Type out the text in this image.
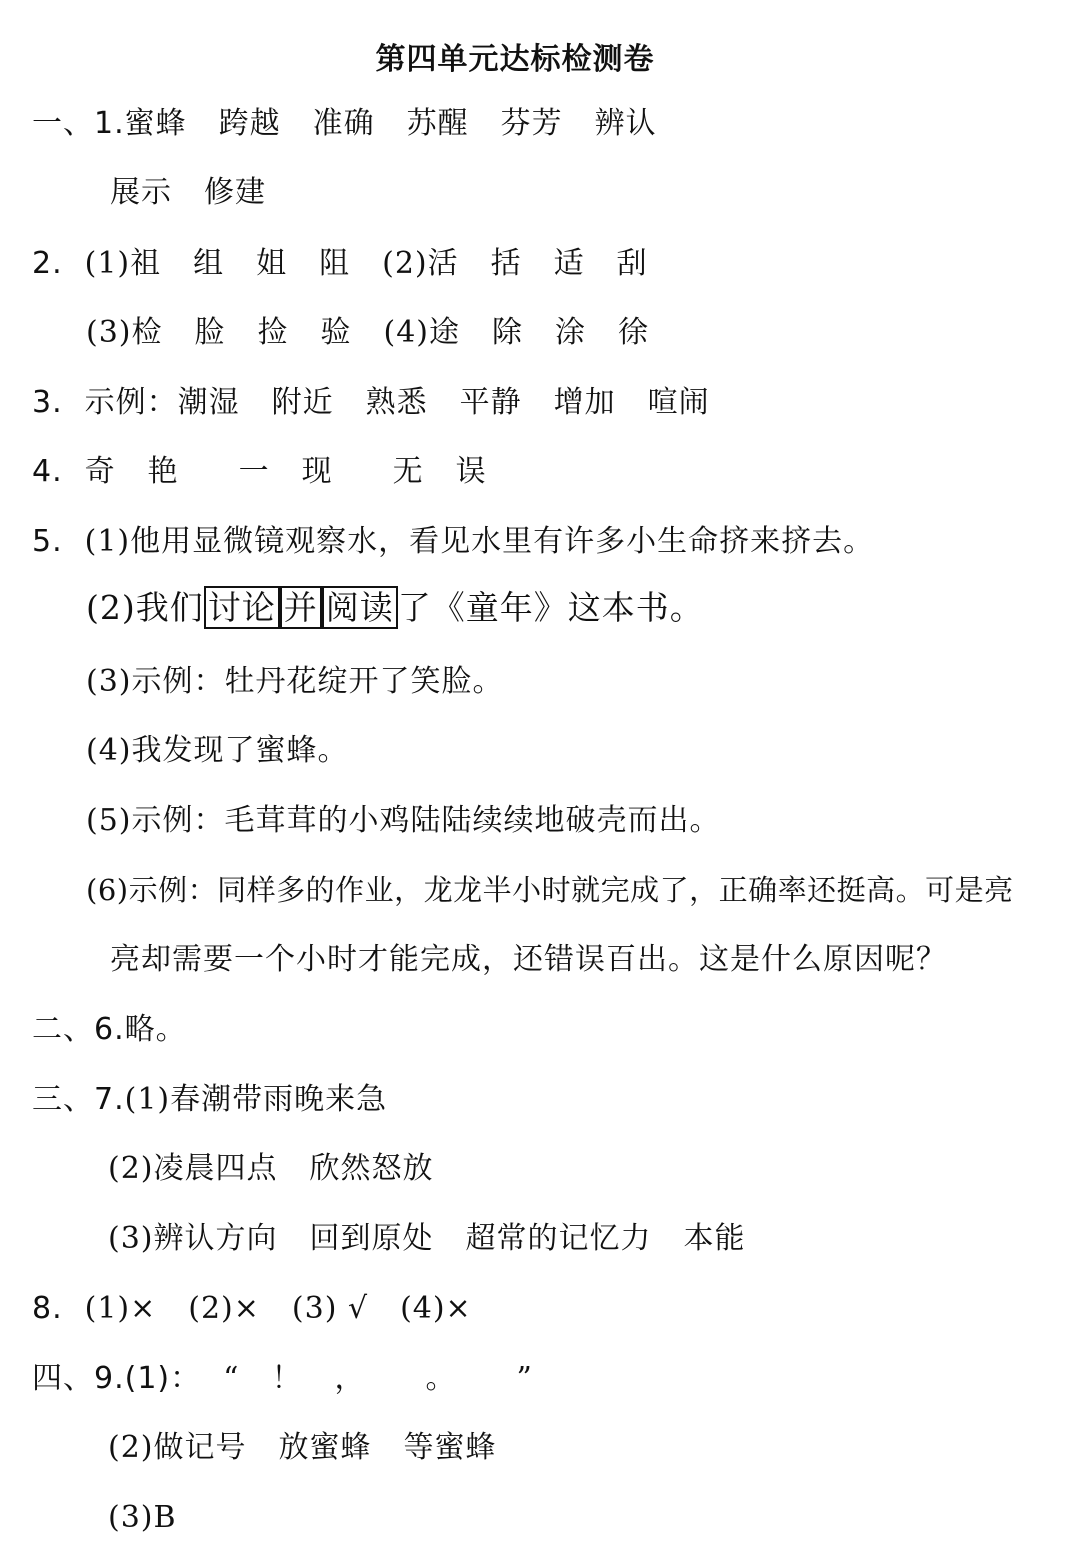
第四单元达标检测卷
一、1.蜜蜂 跨越 准确 苏醒 芬芳 辨认
展示 修建
2. (1)祖 组 姐 阻 (2)活 括 适 刮
(3)检 脸 捡 验 (4)途 除 涂 徐
3. 示例：潮湿 附近 熟悉 平静 增加 喧闹
4. 奇 艳 一 现 无 误
5. (1)他用显微镜观察水，看见水里有许多小生命挤来挤去。
(2)我们 讨论 并 阅读 了《童年》这本书。
(3)示例：牡丹花绽开了笑脸。
(4)我发现了蜜蜂。
(5)示例：毛茸茸的小鸡陆陆续续地破壳而出。
(6)示例：同样多的作业，龙龙半小时就完成了，正确率还挺高。可是亮
亮却需要一个小时才能完成，还错误百出。这是什么原因呢？
二、6.略。
三、7.(1)春潮带雨晚来急
(2)凌晨四点 欣然怒放
(3)辨认方向 回到原处 超常的记忆力 本能
8. (1)× (2)× (3) √ (4)×
四、9.(1)： “ ！ ， 。 ”
(2)做记号 放蜜蜂 等蜜蜂
(3)B
